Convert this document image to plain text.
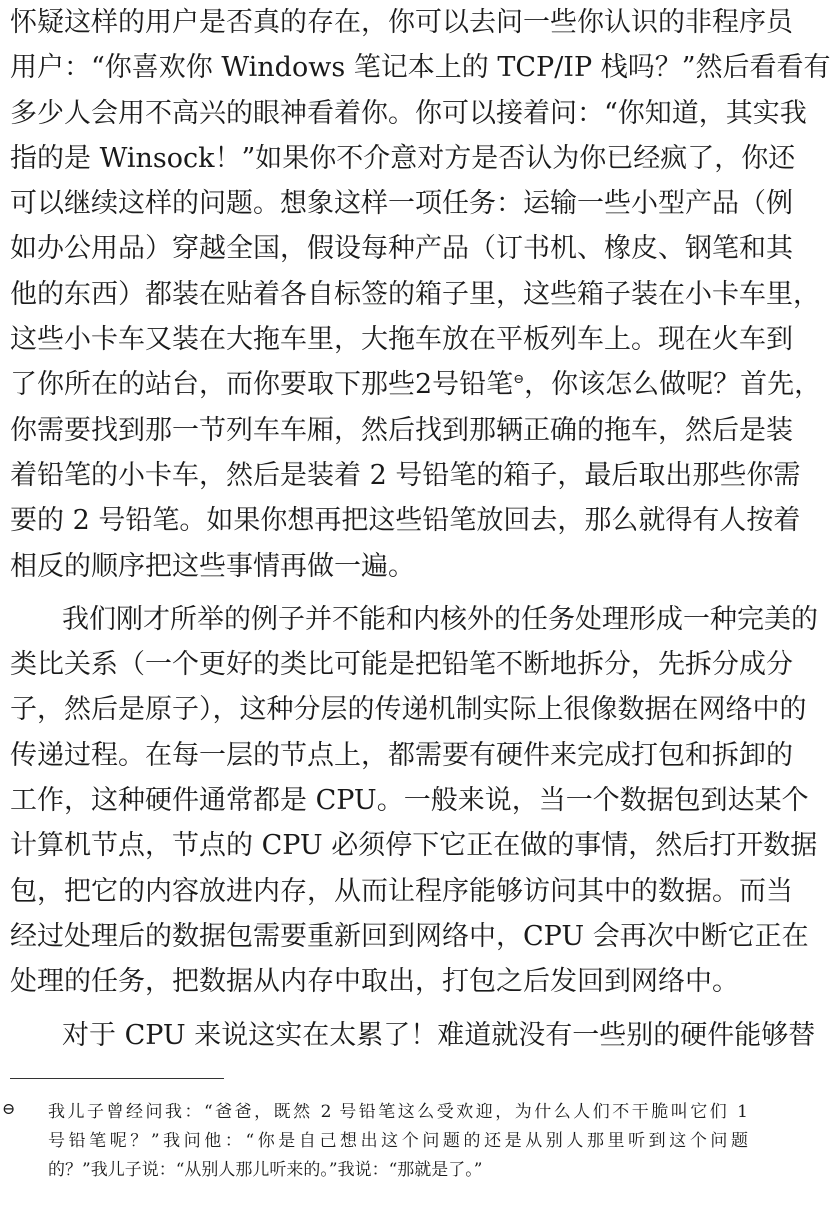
怀疑这样的用户是否真的存在，你可以去问一些你认识的非程序员
用户：“你喜欢你 Windows 笔记本上的 TCP/IP 栈吗？”然后看看有
多少人会用不高兴的眼神看着你。你可以接着问：“你知道，其实我
指的是 Winsock！”如果你不介意对方是否认为你已经疯了，你还
可以继续这样的问题。想象这样一项任务：运输一些小型产品（例
如办公用品）穿越全国，假设每种产品（订书机、橡皮、钢笔和其
他的东西）都装在贴着各自标签的箱子里，这些箱子装在小卡车里，
这些小卡车又装在大拖车里，大拖车放在平板列车上。现在火车到
了你所在的站台，而你要取下那些2号铅笔⊖，你该怎么做呢？首先，
你需要找到那一节列车车厢，然后找到那辆正确的拖车，然后是装
着铅笔的小卡车，然后是装着 2 号铅笔的箱子，最后取出那些你需
要的 2 号铅笔。如果你想再把这些铅笔放回去，那么就得有人按着
相反的顺序把这些事情再做一遍。
我们刚才所举的例子并不能和内核外的任务处理形成一种完美的
类比关系（一个更好的类比可能是把铅笔不断地拆分，先拆分成分
子，然后是原子），这种分层的传递机制实际上很像数据在网络中的
传递过程。在每一层的节点上，都需要有硬件来完成打包和拆卸的
工作，这种硬件通常都是 CPU。一般来说，当一个数据包到达某个
计算机节点，节点的 CPU 必须停下它正在做的事情，然后打开数据
包，把它的内容放进内存，从而让程序能够访问其中的数据。而当
经过处理后的数据包需要重新回到网络中，CPU 会再次中断它正在
处理的任务，把数据从内存中取出，打包之后发回到网络中。
对于 CPU 来说这实在太累了！难道就没有一些别的硬件能够替
⊖ 我儿子曾经问我：“爸爸，既然 2 号铅笔这么受欢迎，为什么人们不干脆叫它们 1
号铅笔呢？”我问他：“你是自己想出这个问题的还是从别人那里听到这个问题
的？”我儿子说：“从别人那儿听来的。”我说：“那就是了。”
